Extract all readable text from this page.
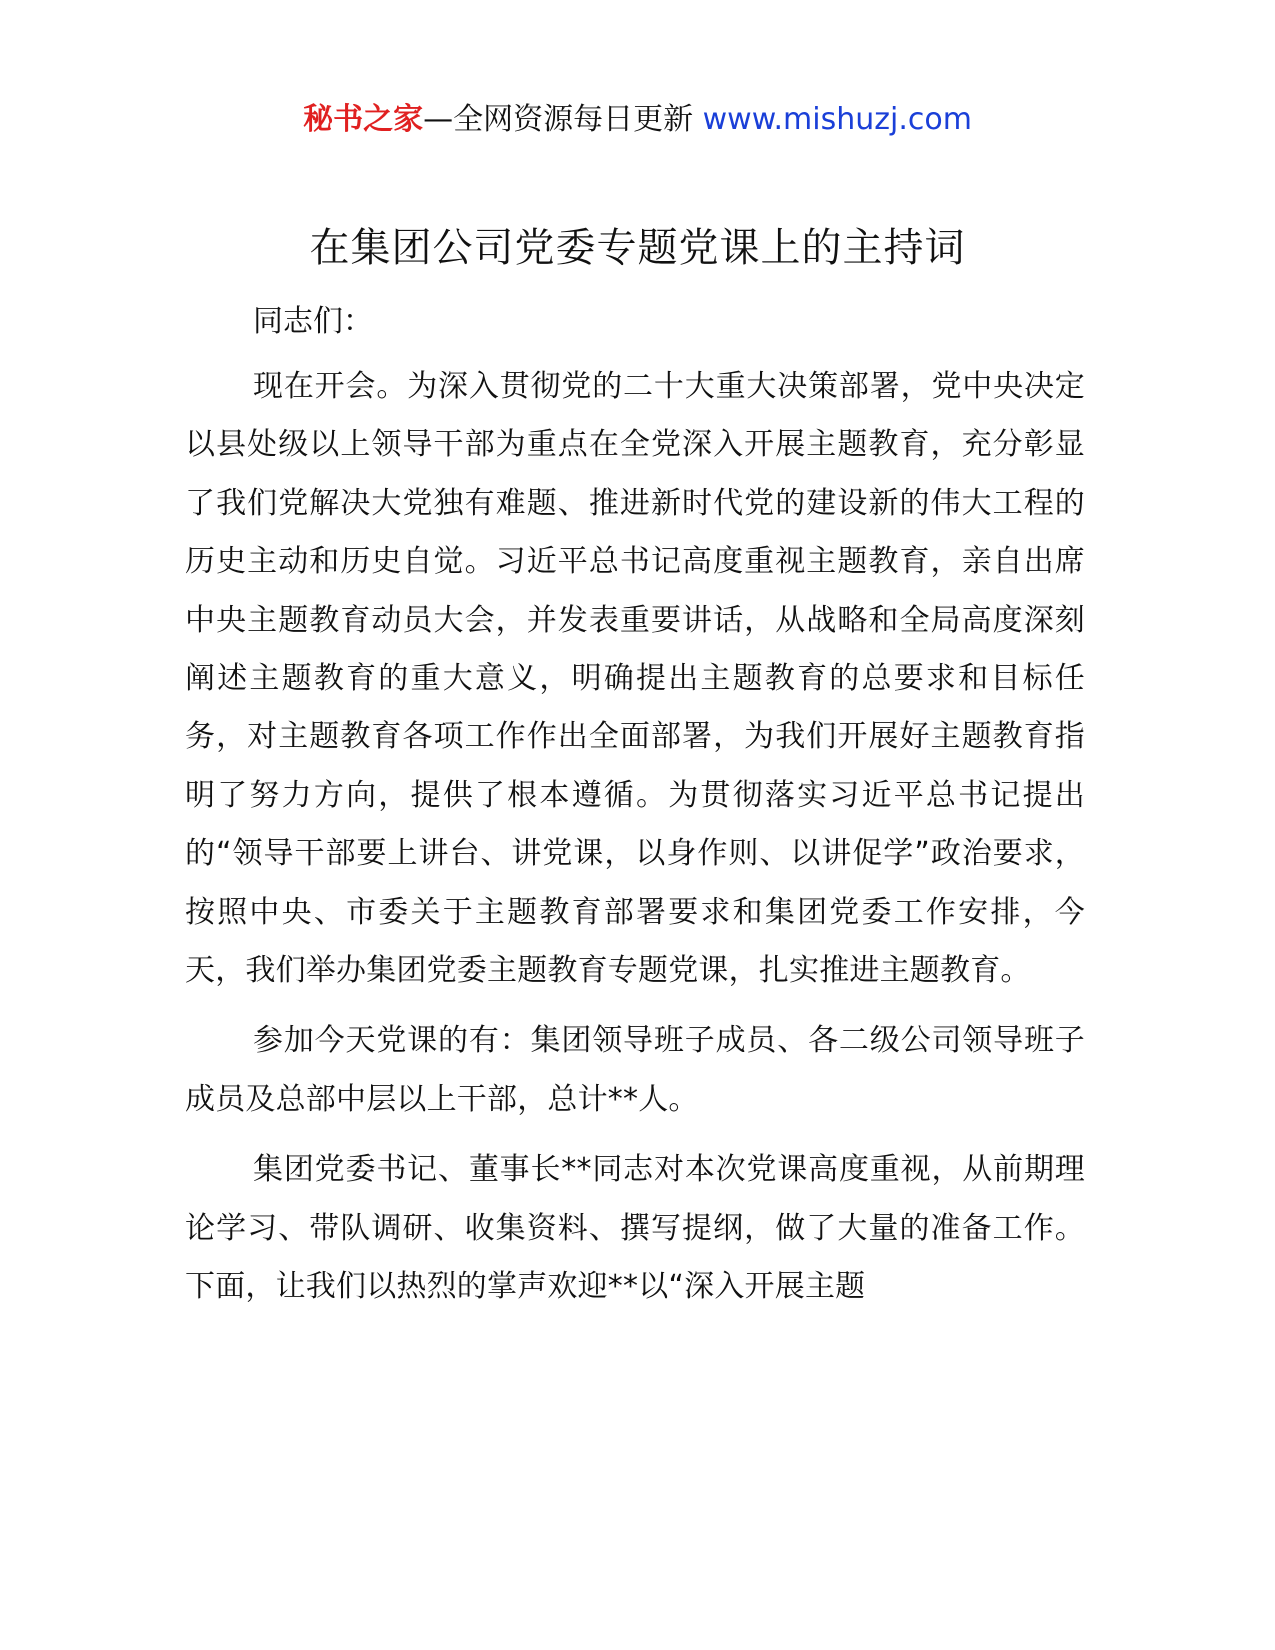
秘书之家—全网资源每日更新 www.mishuzj.com
在集团公司党委专题党课上的主持词

同志们：

现在开会。为深入贯彻党的二十大重大决策部署，党中央决定以县处级以上领导干部为重点在全党深入开展主题教育，充分彰显了我们党解决大党独有难题、推进新时代党的建设新的伟大工程的历史主动和历史自觉。习近平总书记高度重视主题教育，亲自出席中央主题教育动员大会，并发表重要讲话，从战略和全局高度深刻阐述主题教育的重大意义，明确提出主题教育的总要求和目标任务，对主题教育各项工作作出全面部署，为我们开展好主题教育指明了努力方向，提供了根本遵循。为贯彻落实习近平总书记提出的“领导干部要上讲台、讲党课，以身作则、以讲促学”政治要求，按照中央、市委关于主题教育部署要求和集团党委工作安排，今天，我们举办集团党委主题教育专题党课，扎实推进主题教育。

参加今天党课的有：集团领导班子成员、各二级公司领导班子成员及总部中层以上干部，总计**人。

集团党委书记、董事长**同志对本次党课高度重视，从前期理论学习、带队调研、收集资料、撰写提纲，做了大量的准备工作。下面，让我们以热烈的掌声欢迎**以“深入开展主题
